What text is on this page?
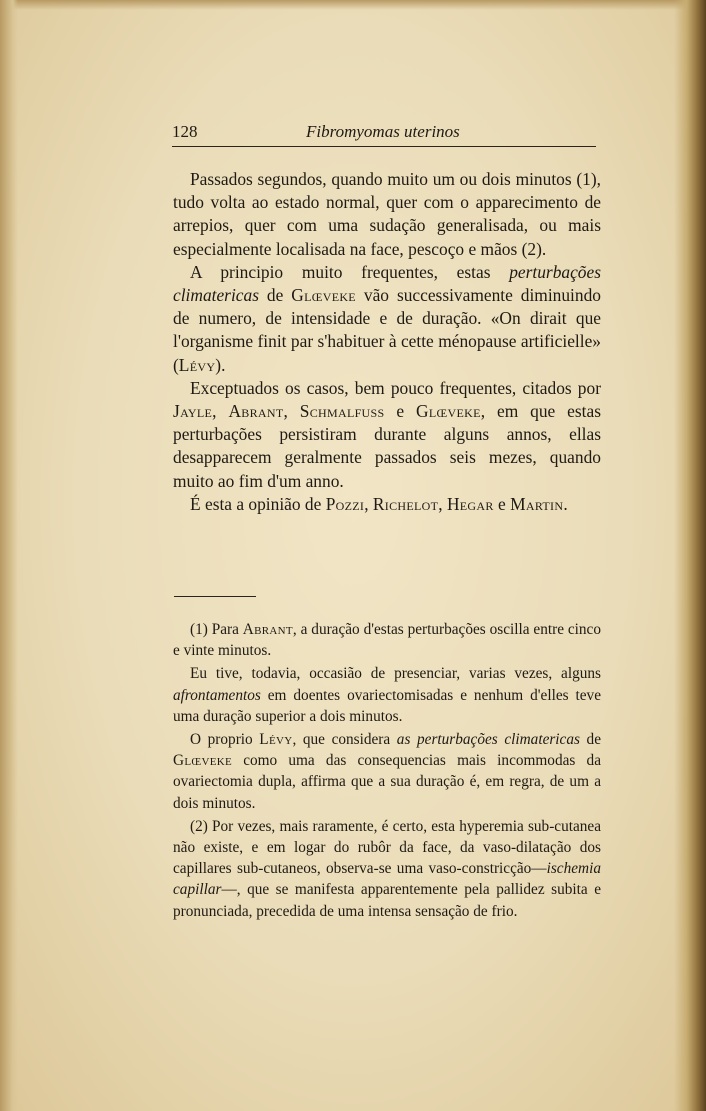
128	Fibromyomas uterinos

Passados segundos, quando muito um ou dois minutos (1), tudo volta ao estado normal, quer com o apparecimento de arrepios, quer com uma sudação generalisada, ou mais especialmente localisada na face, pescoço e mãos (2).

A principio muito frequentes, estas perturbações climatericas de Glœveke vão successivamente diminuindo de numero, de intensidade e de duração. «On dirait que l'organisme finit par s'habituer à cette ménopause artificielle» (Lévy).

Exceptuados os casos, bem pouco frequentes, citados por Jayle, Abrant, Schmalfuss e Glœveke, em que estas perturbações persistiram durante alguns annos, ellas desapparecem geralmente passados seis mezes, quando muito ao fim d'um anno.

É esta a opinião de Pozzi, Richelot, Hegar e Martin.

(1) Para Abrant, a duração d'estas perturbações oscilla entre cinco e vinte minutos.

Eu tive, todavia, occasião de presenciar, varias vezes, alguns afrontamentos em doentes ovariectomisadas e nenhum d'elles teve uma duração superior a dois minutos.

O proprio Lévy, que considera as perturbações climatericas de Glœveke como uma das consequencias mais incommodas da ovariectomia dupla, affirma que a sua duração é, em regra, de um a dois minutos.

(2) Por vezes, mais raramente, é certo, esta hyperemia sub-cutanea não existe, e em logar do rubôr da face, da vaso-dilatação dos capillares sub-cutaneos, observa-se uma vaso-constricção—ischemia capillar—, que se manifesta apparentemente pela pallidez subita e pronunciada, precedida de uma intensa sensação de frio.
